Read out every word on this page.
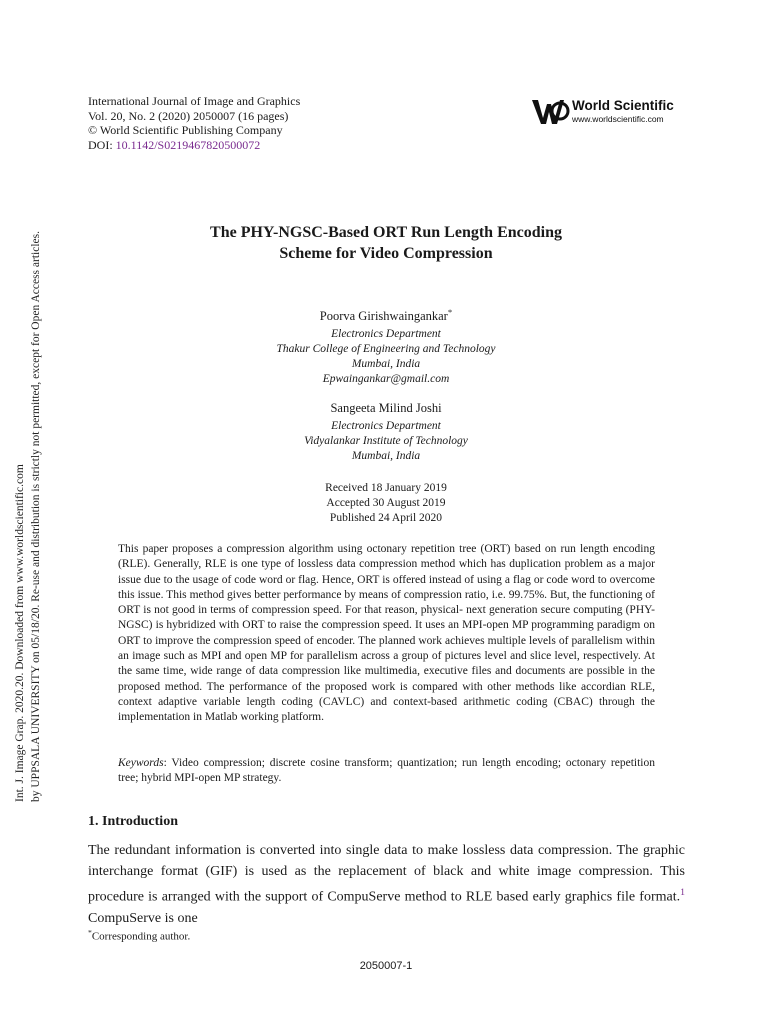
Int. J. Image Grap. 2020.20. Downloaded from www.worldscientific.com by UPPSALA UNIVERSITY on 05/18/20. Re-use and distribution is strictly not permitted, except for Open Access articles.
International Journal of Image and Graphics
Vol. 20, No. 2 (2020) 2050007 (16 pages)
© World Scientific Publishing Company
DOI: 10.1142/S0219467820500072
World Scientific
www.worldscientific.com
The PHY-NGSC-Based ORT Run Length Encoding
Scheme for Video Compression
Poorva Girishwaingankar*
Electronics Department
Thakur College of Engineering and Technology
Mumbai, India
Epwaingankar@gmail.com
Sangeeta Milind Joshi
Electronics Department
Vidyalankar Institute of Technology
Mumbai, India
Received 18 January 2019
Accepted 30 August 2019
Published 24 April 2020
This paper proposes a compression algorithm using octonary repetition tree (ORT) based on run length encoding (RLE). Generally, RLE is one type of lossless data compression method which has duplication problem as a major issue due to the usage of code word or flag. Hence, ORT is offered instead of using a flag or code word to overcome this issue. This method gives better performance by means of compression ratio, i.e. 99.75%. But, the functioning of ORT is not good in terms of compression speed. For that reason, physical- next generation secure computing (PHY-NGSC) is hybridized with ORT to raise the compression speed. It uses an MPI-open MP programming paradigm on ORT to improve the compression speed of encoder. The planned work achieves multiple levels of parallelism within an image such as MPI and open MP for parallelism across a group of pictures level and slice level, respectively. At the same time, wide range of data compression like multimedia, executive files and documents are possible in the proposed method. The performance of the proposed work is compared with other methods like accordian RLE, context adaptive variable length coding (CAVLC) and context-based arithmetic coding (CBAC) through the implementation in Matlab working platform.
Keywords: Video compression; discrete cosine transform; quantization; run length encoding; octonary repetition tree; hybrid MPI-open MP strategy.
1. Introduction
The redundant information is converted into single data to make lossless data compression. The graphic interchange format (GIF) is used as the replacement of black and white image compression. This procedure is arranged with the support of CompuServe method to RLE based early graphics file format.$^1$ CompuServe is one
*Corresponding author.
2050007-1
